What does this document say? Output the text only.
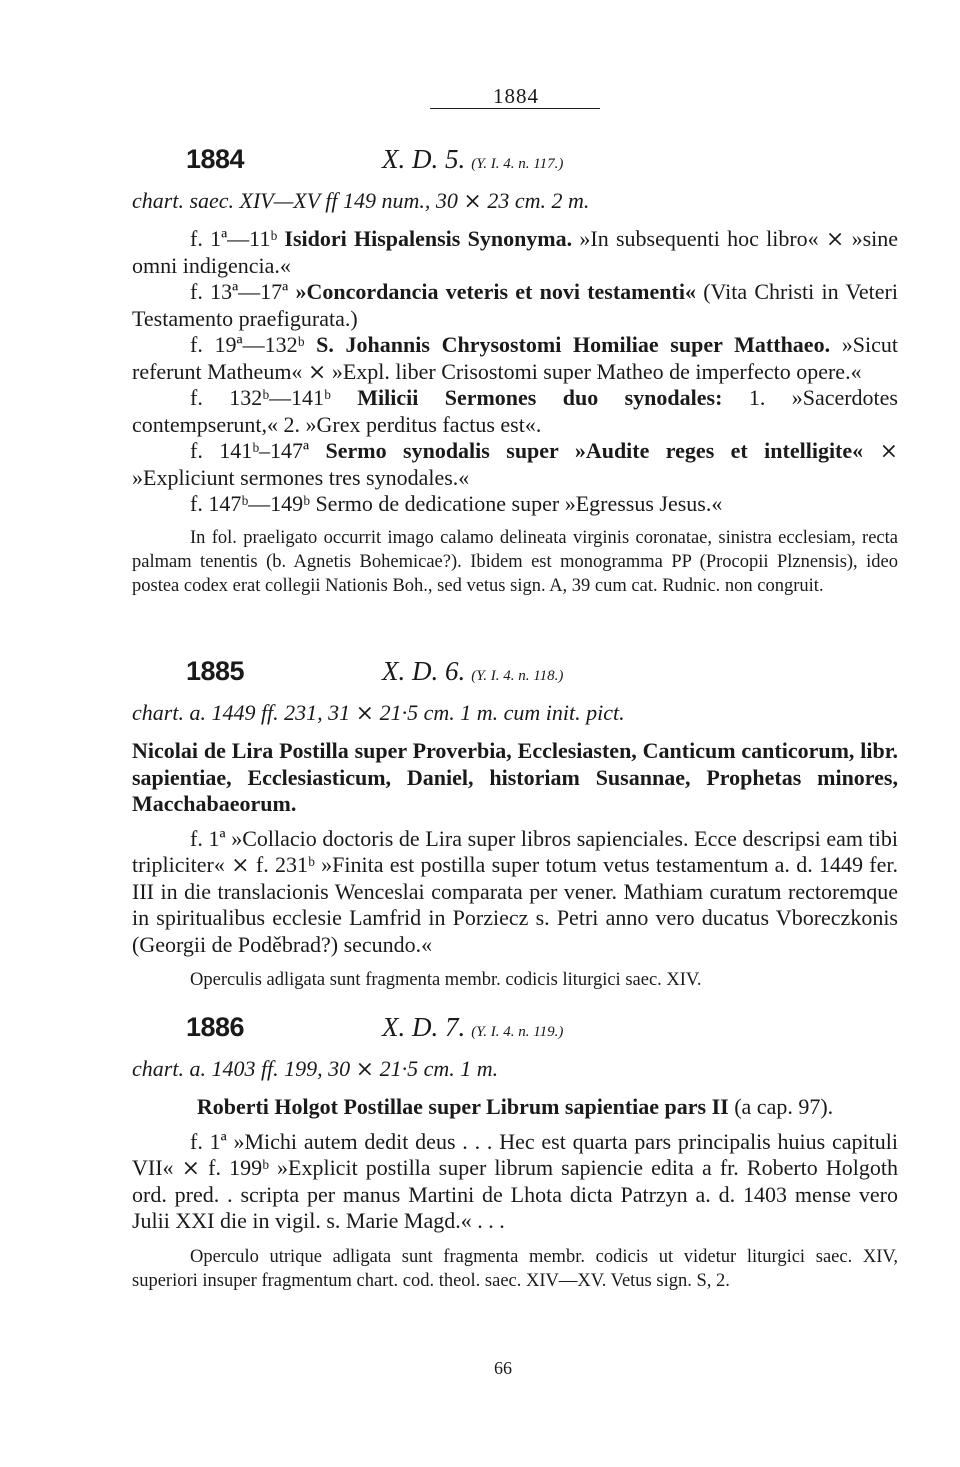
1884
1884	X. D. 5. (Y. I. 4. n. 117.)
chart. saec. XIV—XV ff 149 num., 30 ⨯ 23 cm. 2 m.

f. 1ª—11ᵇ Isidori Hispalensis Synonyma. »In subsequenti hoc libro« ⨯ »sine omni indigencia.«

f. 13ª—17ª »Concordancia veteris et novi testamenti« (Vita Christi in Veteri Testamento praefigurata.)

f. 19ª—132ᵇ S. Johannis Chrysostomi Homiliae super Matthaeo. »Sicut referunt Matheum« ⨯ »Expl. liber Crisostomi super Matheo de imperfecto opere.«

f. 132ᵇ—141ᵇ Milicii Sermones duo synodales: 1. »Sacerdotes contempserunt,« 2. »Grex perditus factus est«.

f. 141ᵇ–147ª Sermo synodalis super »Audite reges et intelligite« ⨯ »Expliciunt sermones tres synodales.«

f. 147ᵇ—149ᵇ Sermo de dedicatione super »Egressus Jesus.«

In fol. praeligato occurrit imago calamo delineata virginis coronatae, sinistra ecclesiam, recta palmam tenentis (b. Agnetis Bohemicae?). Ibidem est monogramma PP (Procopii Plznensis), ideo postea codex erat collegii Nationis Boh., sed vetus sign. A, 39 cum cat. Rudnic. non congruit.

1885	X. D. 6. (Y. I. 4. n. 118.)
chart. a. 1449 ff. 231, 31 ⨯ 21·5 cm. 1 m. cum init. pict.

Nicolai de Lira Postilla super Proverbia, Ecclesiasten, Canticum canticorum, libr. sapientiae, Ecclesiasticum, Daniel, historiam Susannae, Prophetas minores, Macchabaeorum.

f. 1ª »Collacio doctoris de Lira super libros sapienciales. Ecce descripsi eam tibi tripliciter« ⨯ f. 231ᵇ »Finita est postilla super totum vetus testamentum a. d. 1449 fer. III in die translacionis Wenceslai comparata per vener. Mathiam curatum rectoremque in spiritualibus ecclesie Lamfrid in Porziecz s. Petri anno vero ducatus Vboreczkonis (Georgii de Poděbrad?) secundo.«

Operculis adligata sunt fragmenta membr. codicis liturgici saec. XIV.

1886	X. D. 7. (Y. I. 4. n. 119.)
chart. a. 1403 ff. 199, 30 ⨯ 21·5 cm. 1 m.

Roberti Holgot Postillae super Librum sapientiae pars II (a cap. 97).

f. 1ª »Michi autem dedit deus . . . Hec est quarta pars principalis huius capituli VII« ⨯ f. 199ᵇ »Explicit postilla super librum sapiencie edita a fr. Roberto Holgoth ord. pred. . scripta per manus Martini de Lhota dicta Patrzyn a. d. 1403 mense vero Julii XXI die in vigil. s. Marie Magd.« . . .

Operculo utrique adligata sunt fragmenta membr. codicis ut videtur liturgici saec. XIV, superiori insuper fragmentum chart. cod. theol. saec. XIV—XV. Vetus sign. S, 2.

66
